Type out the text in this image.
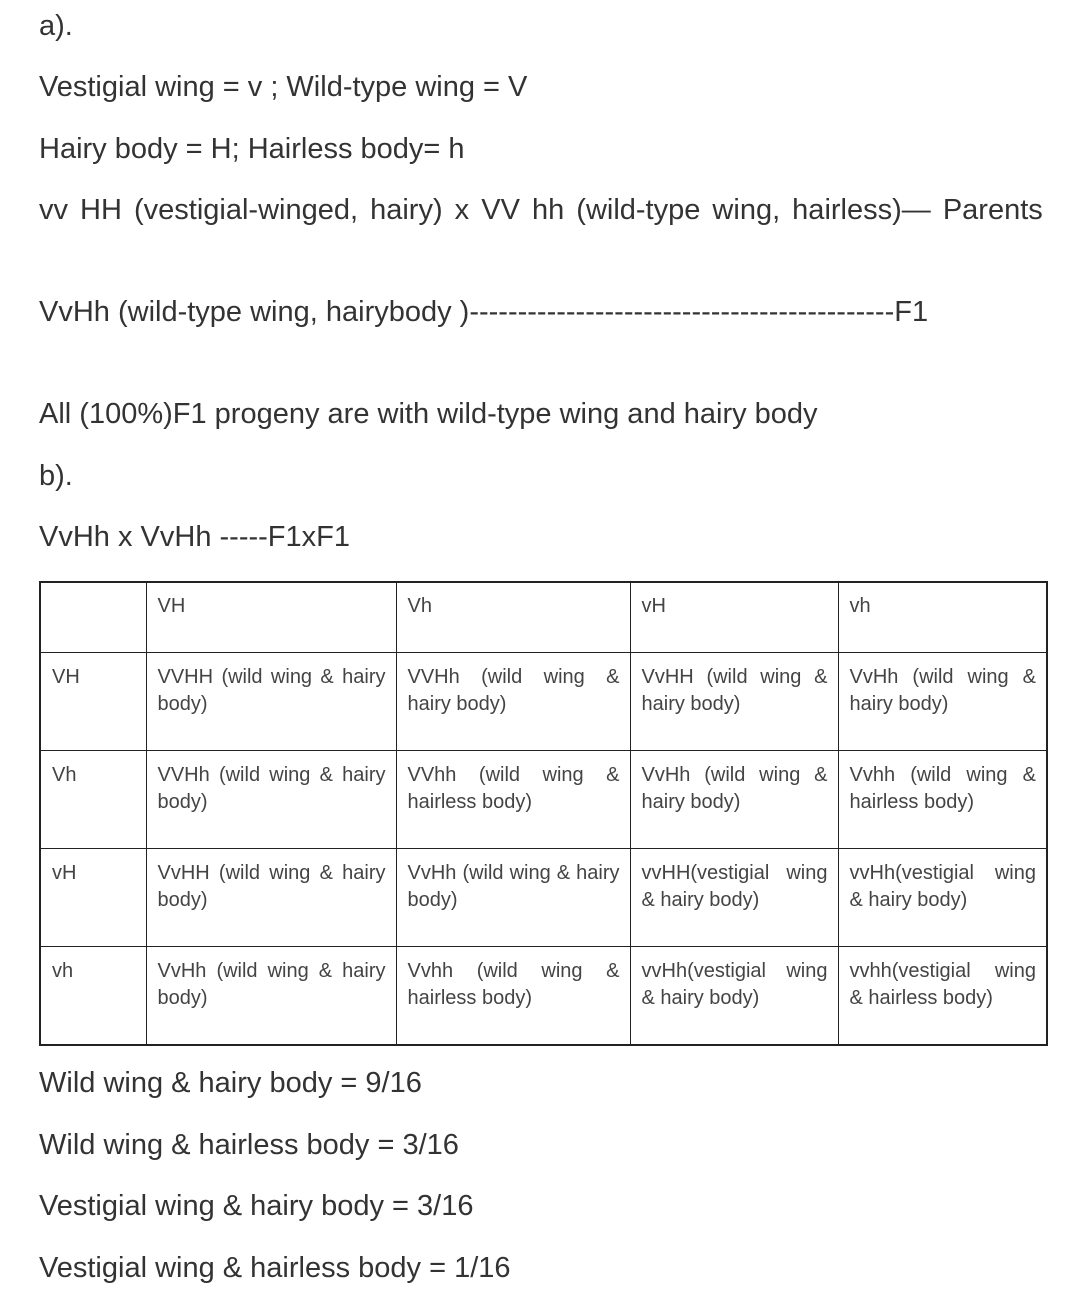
a).

Vestigial wing = v ; Wild-type wing = V

Hairy body = H; Hairless body= h

vv HH (vestigial-winged, hairy) x VV hh (wild-type wing, hairless)— Parents

VvHh (wild-type wing, hairybody )--------------------------------------------F1

All (100%)F1 progeny are with wild-type wing and hairy body

b).

VvHh x VvHh -----F1xF1

	VH	Vh	vH	vh
VH	VVHH (wild wing & hairy body)	VVHh (wild wing & hairy body)	VvHH (wild wing & hairy body)	VvHh (wild wing & hairy body)
Vh	VVHh (wild wing & hairy body)	VVhh (wild wing & hairless body)	VvHh (wild wing & hairy body)	Vvhh (wild wing & hairless body)
vH	VvHH (wild wing & hairy body)	VvHh (wild wing & hairy body)	vvHH(vestigial wing & hairy body)	vvHh(vestigial wing & hairy body)
vh	VvHh (wild wing & hairy body)	Vvhh (wild wing & hairless body)	vvHh(vestigial wing & hairy body)	vvhh(vestigial wing & hairless body)

Wild wing & hairy body = 9/16

Wild wing & hairless body = 3/16

Vestigial wing & hairy body = 3/16

Vestigial wing & hairless body = 1/16
